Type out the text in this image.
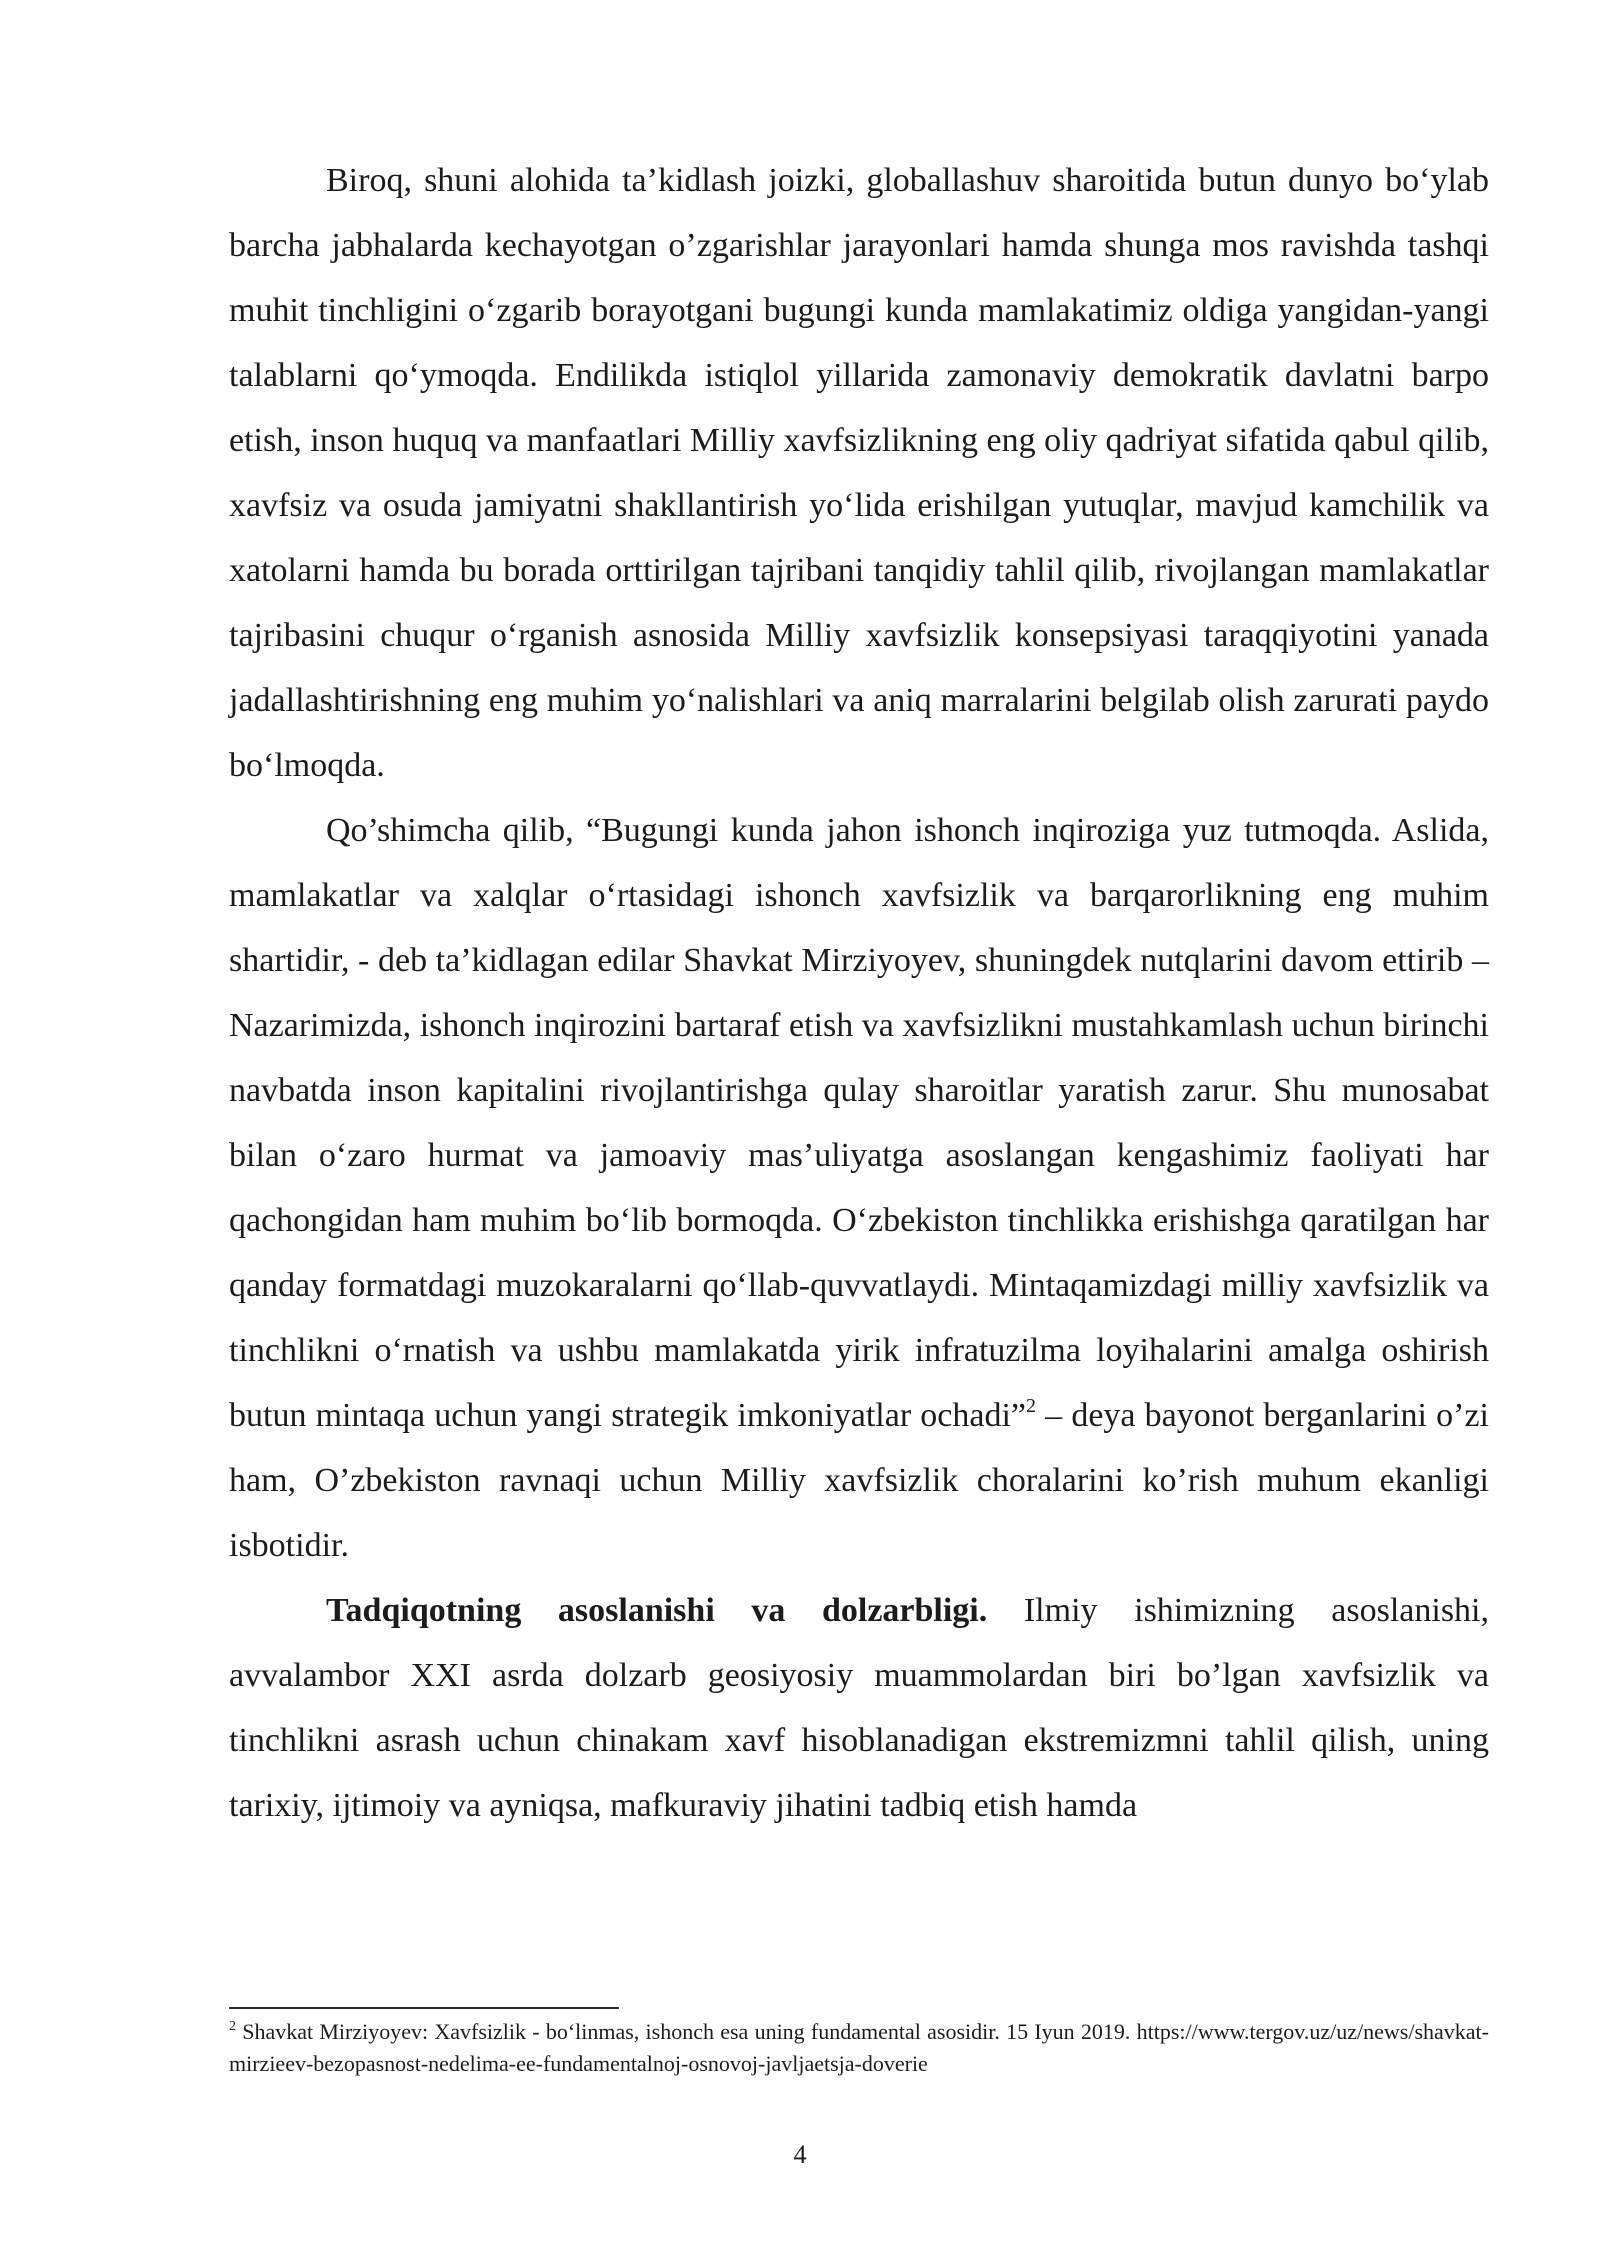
Biroq, shuni alohida ta’kidlash joizki, globallashuv sharoitida butun dunyo bo‘ylab barcha jabhalarda kechayotgan o’zgarishlar jarayonlari hamda shunga mos ravishda tashqi muhit tinchligini o‘zgarib borayotgani bugungi kunda mamlakatimiz oldiga yangidan-yangi talablarni qo‘ymoqda. Endilikda istiqlol yillarida zamonaviy demokratik davlatni barpo etish, inson huquq va manfaatlari Milliy xavfsizlikning eng oliy qadriyat sifatida qabul qilib, xavfsiz va osuda jamiyatni shakllantirish yo‘lida erishilgan yutuqlar, mavjud kamchilik va xatolarni hamda bu borada orttirilgan tajribani tanqidiy tahlil qilib, rivojlangan mamlakatlar tajribasini chuqur o‘rganish asnosida Milliy xavfsizlik konsepsiyasi taraqqiyotini yanada jadallashtirishning eng muhim yo‘nalishlari va aniq marralarini belgilab olish zarurati paydo bo‘lmoqda.

Qo’shimcha qilib, “Bugungi kunda jahon ishonch inqiroziga yuz tutmoqda. Aslida, mamlakatlar va xalqlar o‘rtasidagi ishonch xavfsizlik va barqarorlikning eng muhim shartidir, - deb ta’kidlagan edilar Shavkat Mirziyoyev, shuningdek nutqlarini davom ettirib – Nazarimizda, ishonch inqirozini bartaraf etish va xavfsizlikni mustahkamlash uchun birinchi navbatda inson kapitalini rivojlantirishga qulay sharoitlar yaratish zarur. Shu munosabat bilan o‘zaro hurmat va jamoaviy mas’uliyatga asoslangan kengashimiz faoliyati har qachongidan ham muhim bo‘lib bormoqda. O‘zbekiston tinchlikka erishishga qaratilgan har qanday formatdagi muzokaralarni qo‘llab-quvvatlaydi. Mintaqamizdagi milliy xavfsizlik va tinchlikni o‘rnatish va ushbu mamlakatda yirik infratuzilma loyihalarini amalga oshirish butun mintaqa uchun yangi strategik imkoniyatlar ochadi”$^2$ – deya bayonot berganlarini o’zi ham, O’zbekiston ravnaqi uchun Milliy xavfsizlik choralarini ko’rish muhum ekanligi isbotidir.

Tadqiqotning asoslanishi va dolzarbligi. Ilmiy ishimizning asoslanishi, avvalambor XXI asrda dolzarb geosiyosiy muammolardan biri bo’lgan xavfsizlik va tinchlikni asrash uchun chinakam xavf hisoblanadigan ekstremizmni tahlil qilish, uning tarixiy, ijtimoiy va ayniqsa, mafkuraviy jihatini tadbiq etish hamda

$^2$ Shavkat Mirziyoyev: Xavfsizlik - bo‘linmas, ishonch esa uning fundamental asosidir. 15 Iyun 2019. https://www.tergov.uz/uz/news/shavkat-mirzieev-bezopasnost-nedelima-ee-fundamentalnoj-osnovoj-javljaetsja-doverie

4
